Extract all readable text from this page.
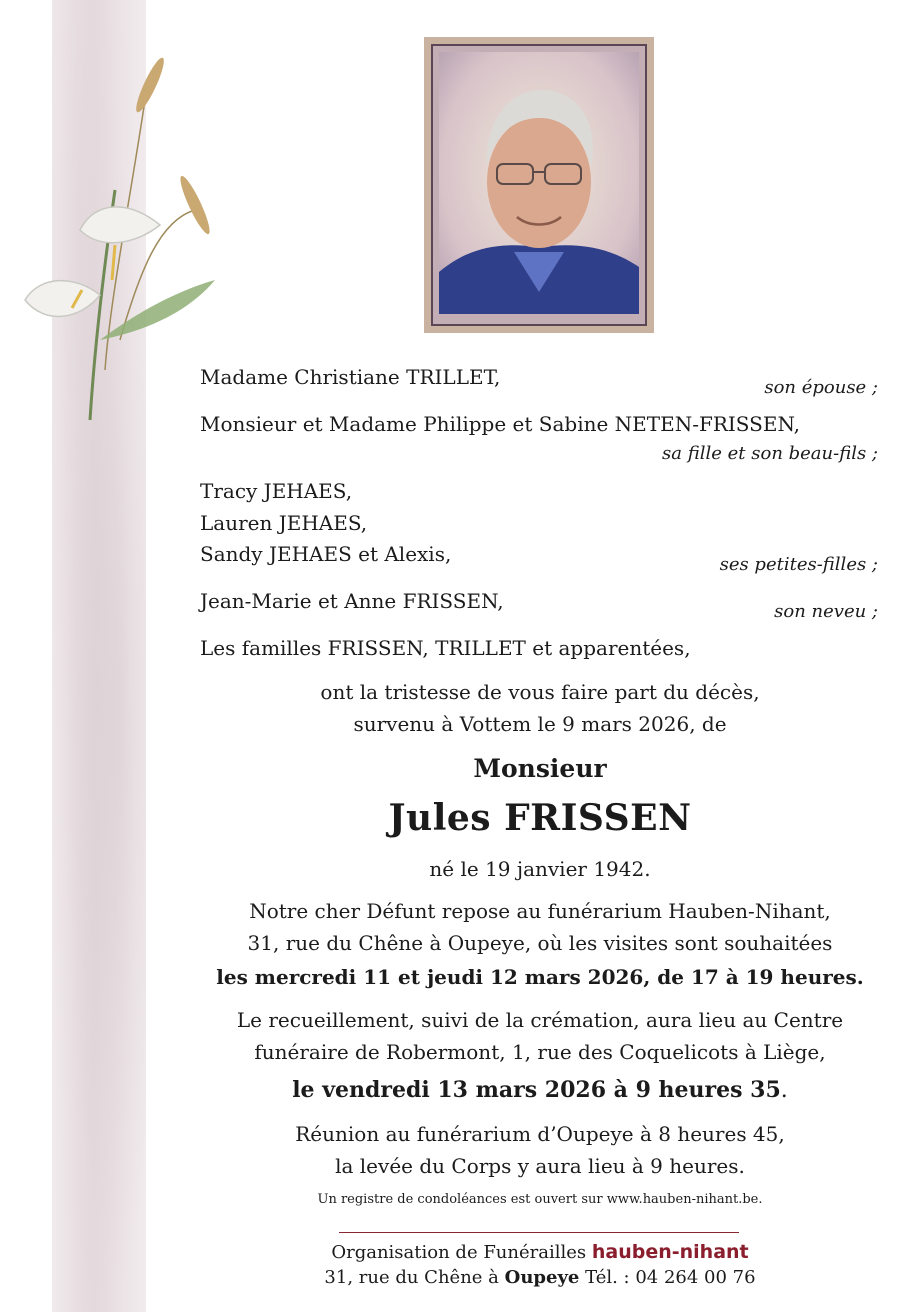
Madame Christiane TRILLET,	son épouse ;
Monsieur et Madame Philippe et Sabine NETEN-FRISSEN,
sa fille et son beau-fils ;
Tracy JEHAES,
Lauren JEHAES,
Sandy JEHAES et Alexis,	ses petites-filles ;
Jean-Marie et Anne FRISSEN,	son neveu ;
Les familles FRISSEN, TRILLET et apparentées,
ont la tristesse de vous faire part du décès,
survenu à Vottem le 9 mars 2026, de
Monsieur
Jules FRISSEN
né le 19 janvier 1942.
Notre cher Défunt repose au funérarium Hauben-Nihant,
31, rue du Chêne à Oupeye, où les visites sont souhaitées
les mercredi 11 et jeudi 12 mars 2026, de 17 à 19 heures.
Le recueillement, suivi de la crémation, aura lieu au Centre
funéraire de Robermont, 1, rue des Coquelicots à Liège,
le vendredi 13 mars 2026 à 9 heures 35.
Réunion au funérarium d’Oupeye à 8 heures 45,
la levée du Corps y aura lieu à 9 heures.
Un registre de condoléances est ouvert sur www.hauben-nihant.be.
Organisation de Funérailles hauben-nihant
31, rue du Chêne à Oupeye Tél. : 04 264 00 76
